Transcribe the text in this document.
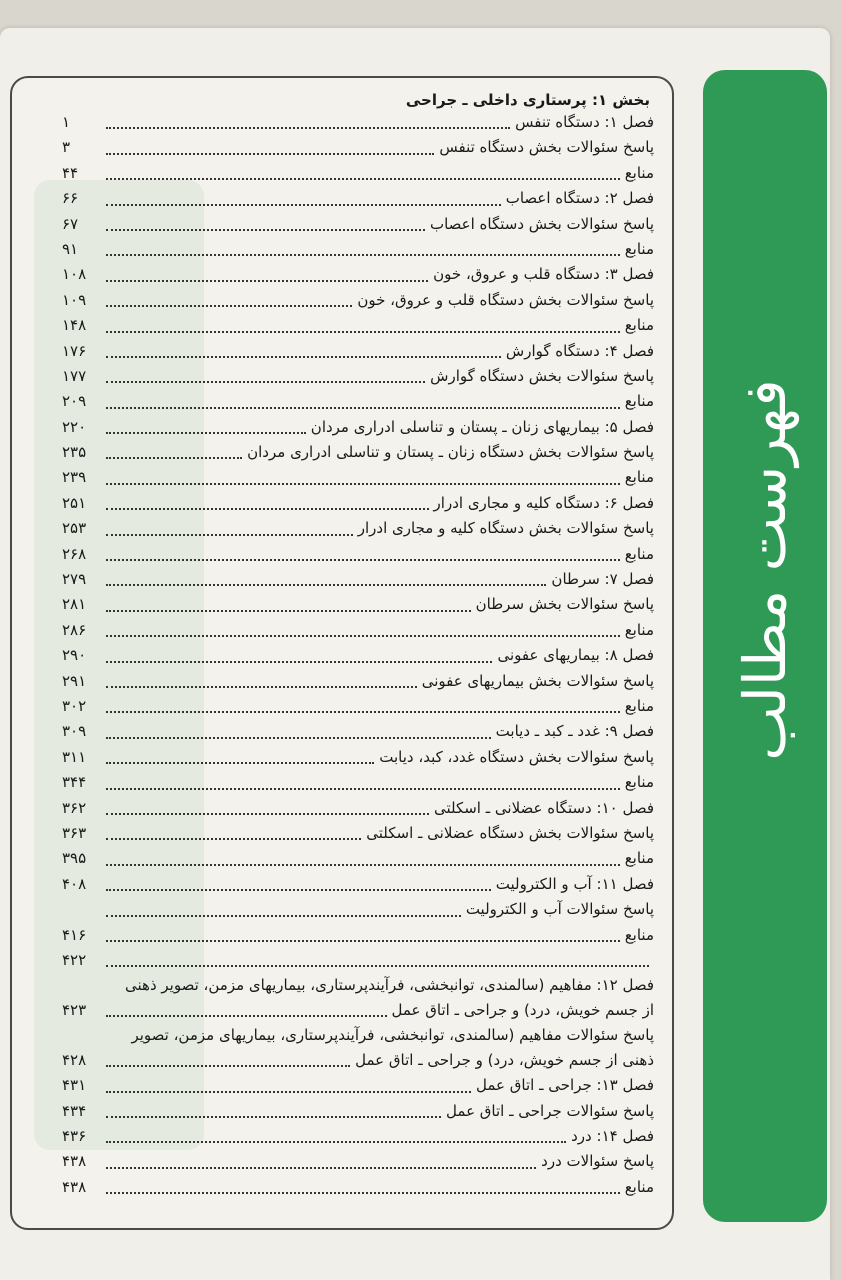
فهرست مطالب
بخش ۱: پرستاری داخلی ـ جراحی
فصل ۱: دستگاه تنفس
۱
پاسخ سئوالات بخش دستگاه تنفس
۳
منابع
۴۴
فصل ۲: دستگاه اعصاب
۶۶
پاسخ سئوالات بخش دستگاه اعصاب
۶۷
منابع
۹۱
فصل ۳: دستگاه قلب و عروق، خون
۱۰۸
پاسخ سئوالات بخش دستگاه قلب و عروق، خون
۱۰۹
منابع
۱۴۸
فصل ۴: دستگاه گوارش
۱۷۶
پاسخ سئوالات بخش دستگاه گوارش
۱۷۷
منابع
۲۰۹
فصل ۵: بیماریهای زنان ـ پستان و تناسلی ادراری مردان
۲۲۰
پاسخ سئوالات بخش دستگاه زنان ـ پستان و تناسلی ادراری مردان
۲۳۵
منابع
۲۳۹
فصل ۶: دستگاه کلیه و مجاری ادرار
۲۵۱
پاسخ سئوالات بخش دستگاه کلیه و مجاری ادرار
۲۵۳
منابع
۲۶۸
فصل ۷: سرطان
۲۷۹
پاسخ سئوالات بخش سرطان
۲۸۱
منابع
۲۸۶
فصل ۸: بیماریهای عفونی
۲۹۰
پاسخ سئوالات بخش بیماریهای عفونی
۲۹۱
منابع
۳۰۲
فصل ۹: غدد ـ کبد ـ دیابت
۳۰۹
پاسخ سئوالات بخش دستگاه غدد، کبد، دیابت
۳۱۱
منابع
۳۴۴
فصل ۱۰: دستگاه عضلانی ـ اسکلتی
۳۶۲
پاسخ سئوالات بخش دستگاه عضلانی ـ اسکلتی
۳۶۳
منابع
۳۹۵
فصل ۱۱: آب و الکترولیت
۴۰۸
پاسخ سئوالات آب و الکترولیت
منابع
۴۱۶
۴۲۲
فصل ۱۲: مفاهیم (سالمندی، توانبخشی، فرآیندپرستاری، بیماریهای مزمن، تصویر ذهنی
از جسم خویش، درد) و جراحی ـ اتاق عمل
۴۲۳
پاسخ سئوالات مفاهیم (سالمندی، توانبخشی، فرآیندپرستاری، بیماریهای مزمن، تصویر
ذهنی از جسم خویش، درد) و جراحی ـ اتاق عمل
۴۲۸
فصل ۱۳: جراحی ـ اتاق عمل
۴۳۱
پاسخ سئوالات جراحی ـ اتاق عمل
۴۳۴
فصل ۱۴: درد
۴۳۶
پاسخ سئوالات درد
۴۳۸
منابع
۴۳۸
